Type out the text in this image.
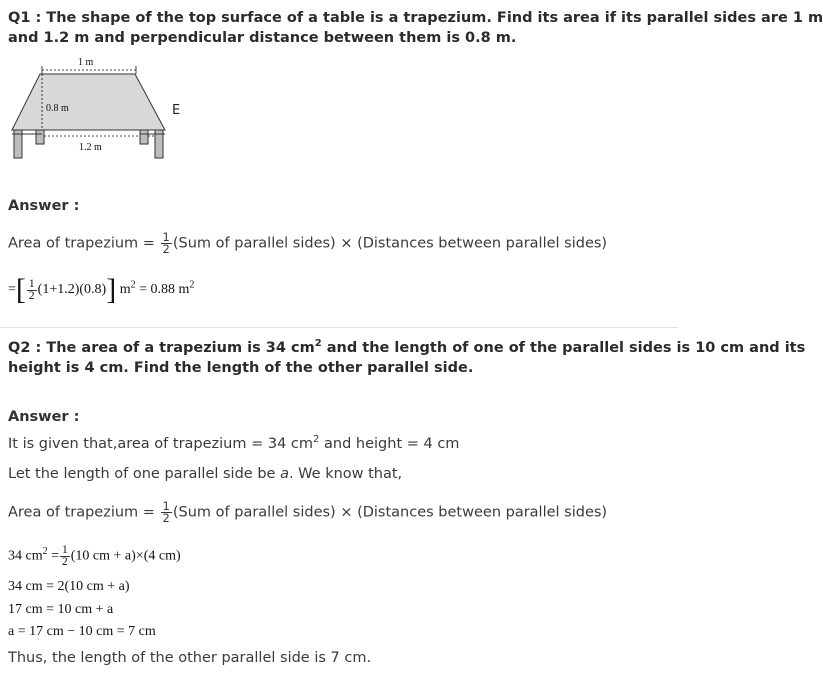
Q1 : The shape of the top surface of a table is a trapezium. Find its area if its parallel sides are 1 m
and 1.2 m and perpendicular distance between them is 0.8 m.
1 m
0.8 m
1.2 m
E
Answer :
Area of trapezium = $\frac{1}{2} (Sum$ of parallel sides) × (Distances between parallel sides)
=[ $\frac{1}{2} (1+1.2)(0.8)$] $m^2 = 0.88$ $m^2$
Q2 : The area of a trapezium is 34 $cm^2$ and the length of one of the parallel sides is 10 cm and its
height is 4 cm. Find the length of the other parallel side.
Answer :
It is given that,area of trapezium = 34 $cm^2$ and height = 4 cm
Let the length of one parallel side be a. We know that,
Area of trapezium = $\frac{1}{2} (Sum$ of parallel sides) × (Distances between parallel sides)
34 $cm^2 = \frac{1}{2} (10$ cm + a)×(4 cm)
34 cm = 2(10 cm + a)
17 cm = 10 cm + a
a = 17 cm − 10 cm = 7 cm
Thus, the length of the other parallel side is 7 cm.
